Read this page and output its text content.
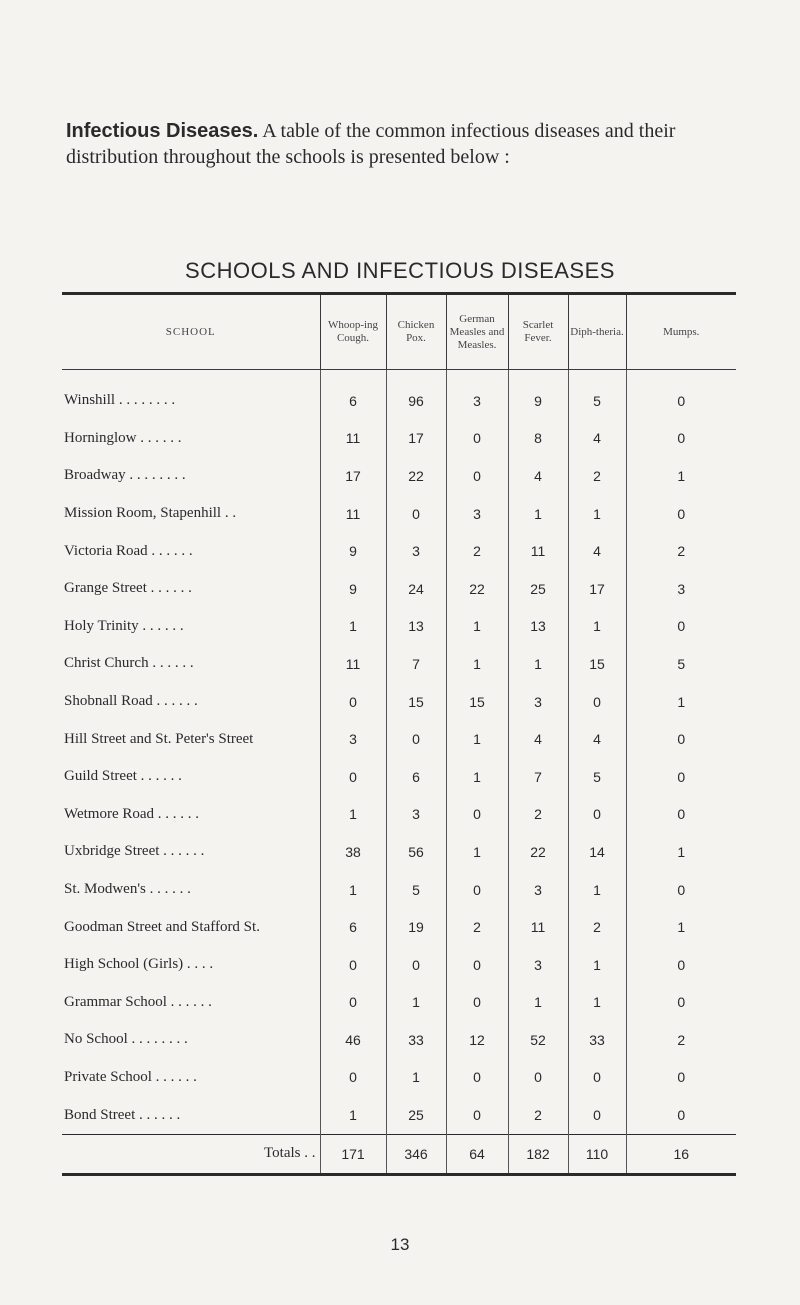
Infectious Diseases. A table of the common infectious diseases and their distribution throughout the schools is presented below :
SCHOOLS AND INFECTIOUS DISEASES
SCHOOL	Whoop-ing Cough.	Chicken Pox.	German Measles and Measles.	Scarlet Fever.	Diph-theria.	Mumps.
Winshill . . . . . . . .	6	96	3	9	5	0
Horninglow . . . . . .	11	17	0	8	4	0
Broadway . . . . . . . .	17	22	0	4	2	1
Mission Room, Stapenhill . .	11	0	3	1	1	0
Victoria Road . . . . . .	9	3	2	11	4	2
Grange Street . . . . . .	9	24	22	25	17	3
Holy Trinity . . . . . .	1	13	1	13	1	0
Christ Church . . . . . .	11	7	1	1	15	5
Shobnall Road . . . . . .	0	15	15	3	0	1
Hill Street and St. Peter's Street	3	0	1	4	4	0
Guild Street . . . . . .	0	6	1	7	5	0
Wetmore Road . . . . . .	1	3	0	2	0	0
Uxbridge Street . . . . . .	38	56	1	22	14	1
St. Modwen's . . . . . .	1	5	0	3	1	0
Goodman Street and Stafford St.	6	19	2	11	2	1
High School (Girls) . . . .	0	0	0	3	1	0
Grammar School . . . . . .	0	1	0	1	1	0
No School . . . . . . . .	46	33	12	52	33	2
Private School . . . . . .	0	1	0	0	0	0
Bond Street . . . . . .	1	25	0	2	0	0
Totals . .	171	346	64	182	110	16
13
